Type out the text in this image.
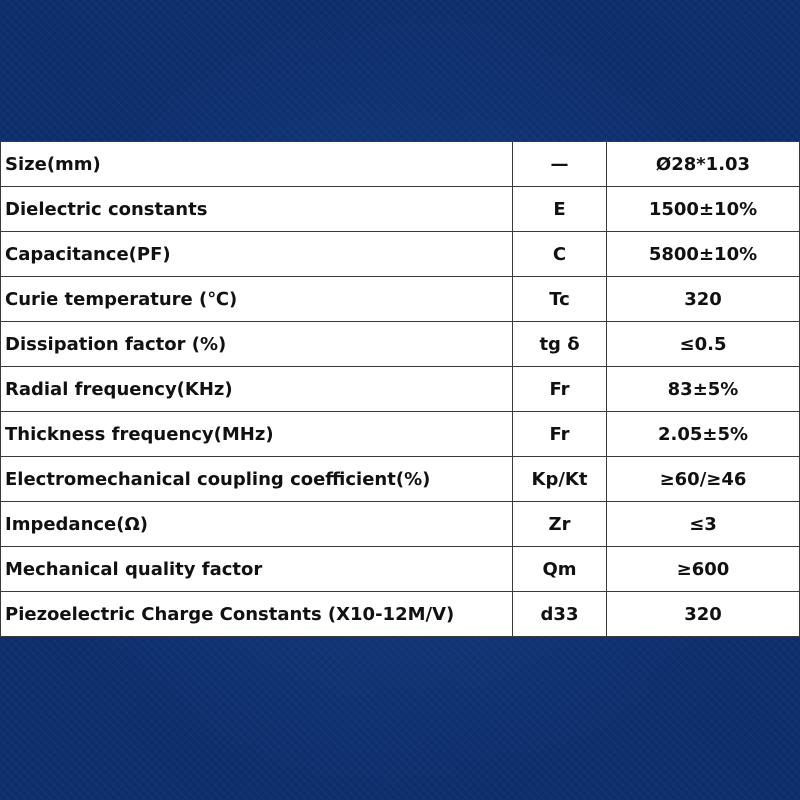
Size(mm)	—	Ø28*1.03
Dielectric constants	E	1500±10%
Capacitance(PF)	C	5800±10%
Curie temperature (℃)	Tc	320
Dissipation factor (%)	tg δ	≤0.5
Radial frequency(KHz)	Fr	83±5%
Thickness frequency(MHz)	Fr	2.05±5%
Electromechanical coupling coefficient(%)	Kp/Kt	≥60/≥46
Impedance(Ω)	Zr	≤3
Mechanical quality factor	Qm	≥600
Piezoelectric Charge Constants (X10-12M/V)	d33	320
